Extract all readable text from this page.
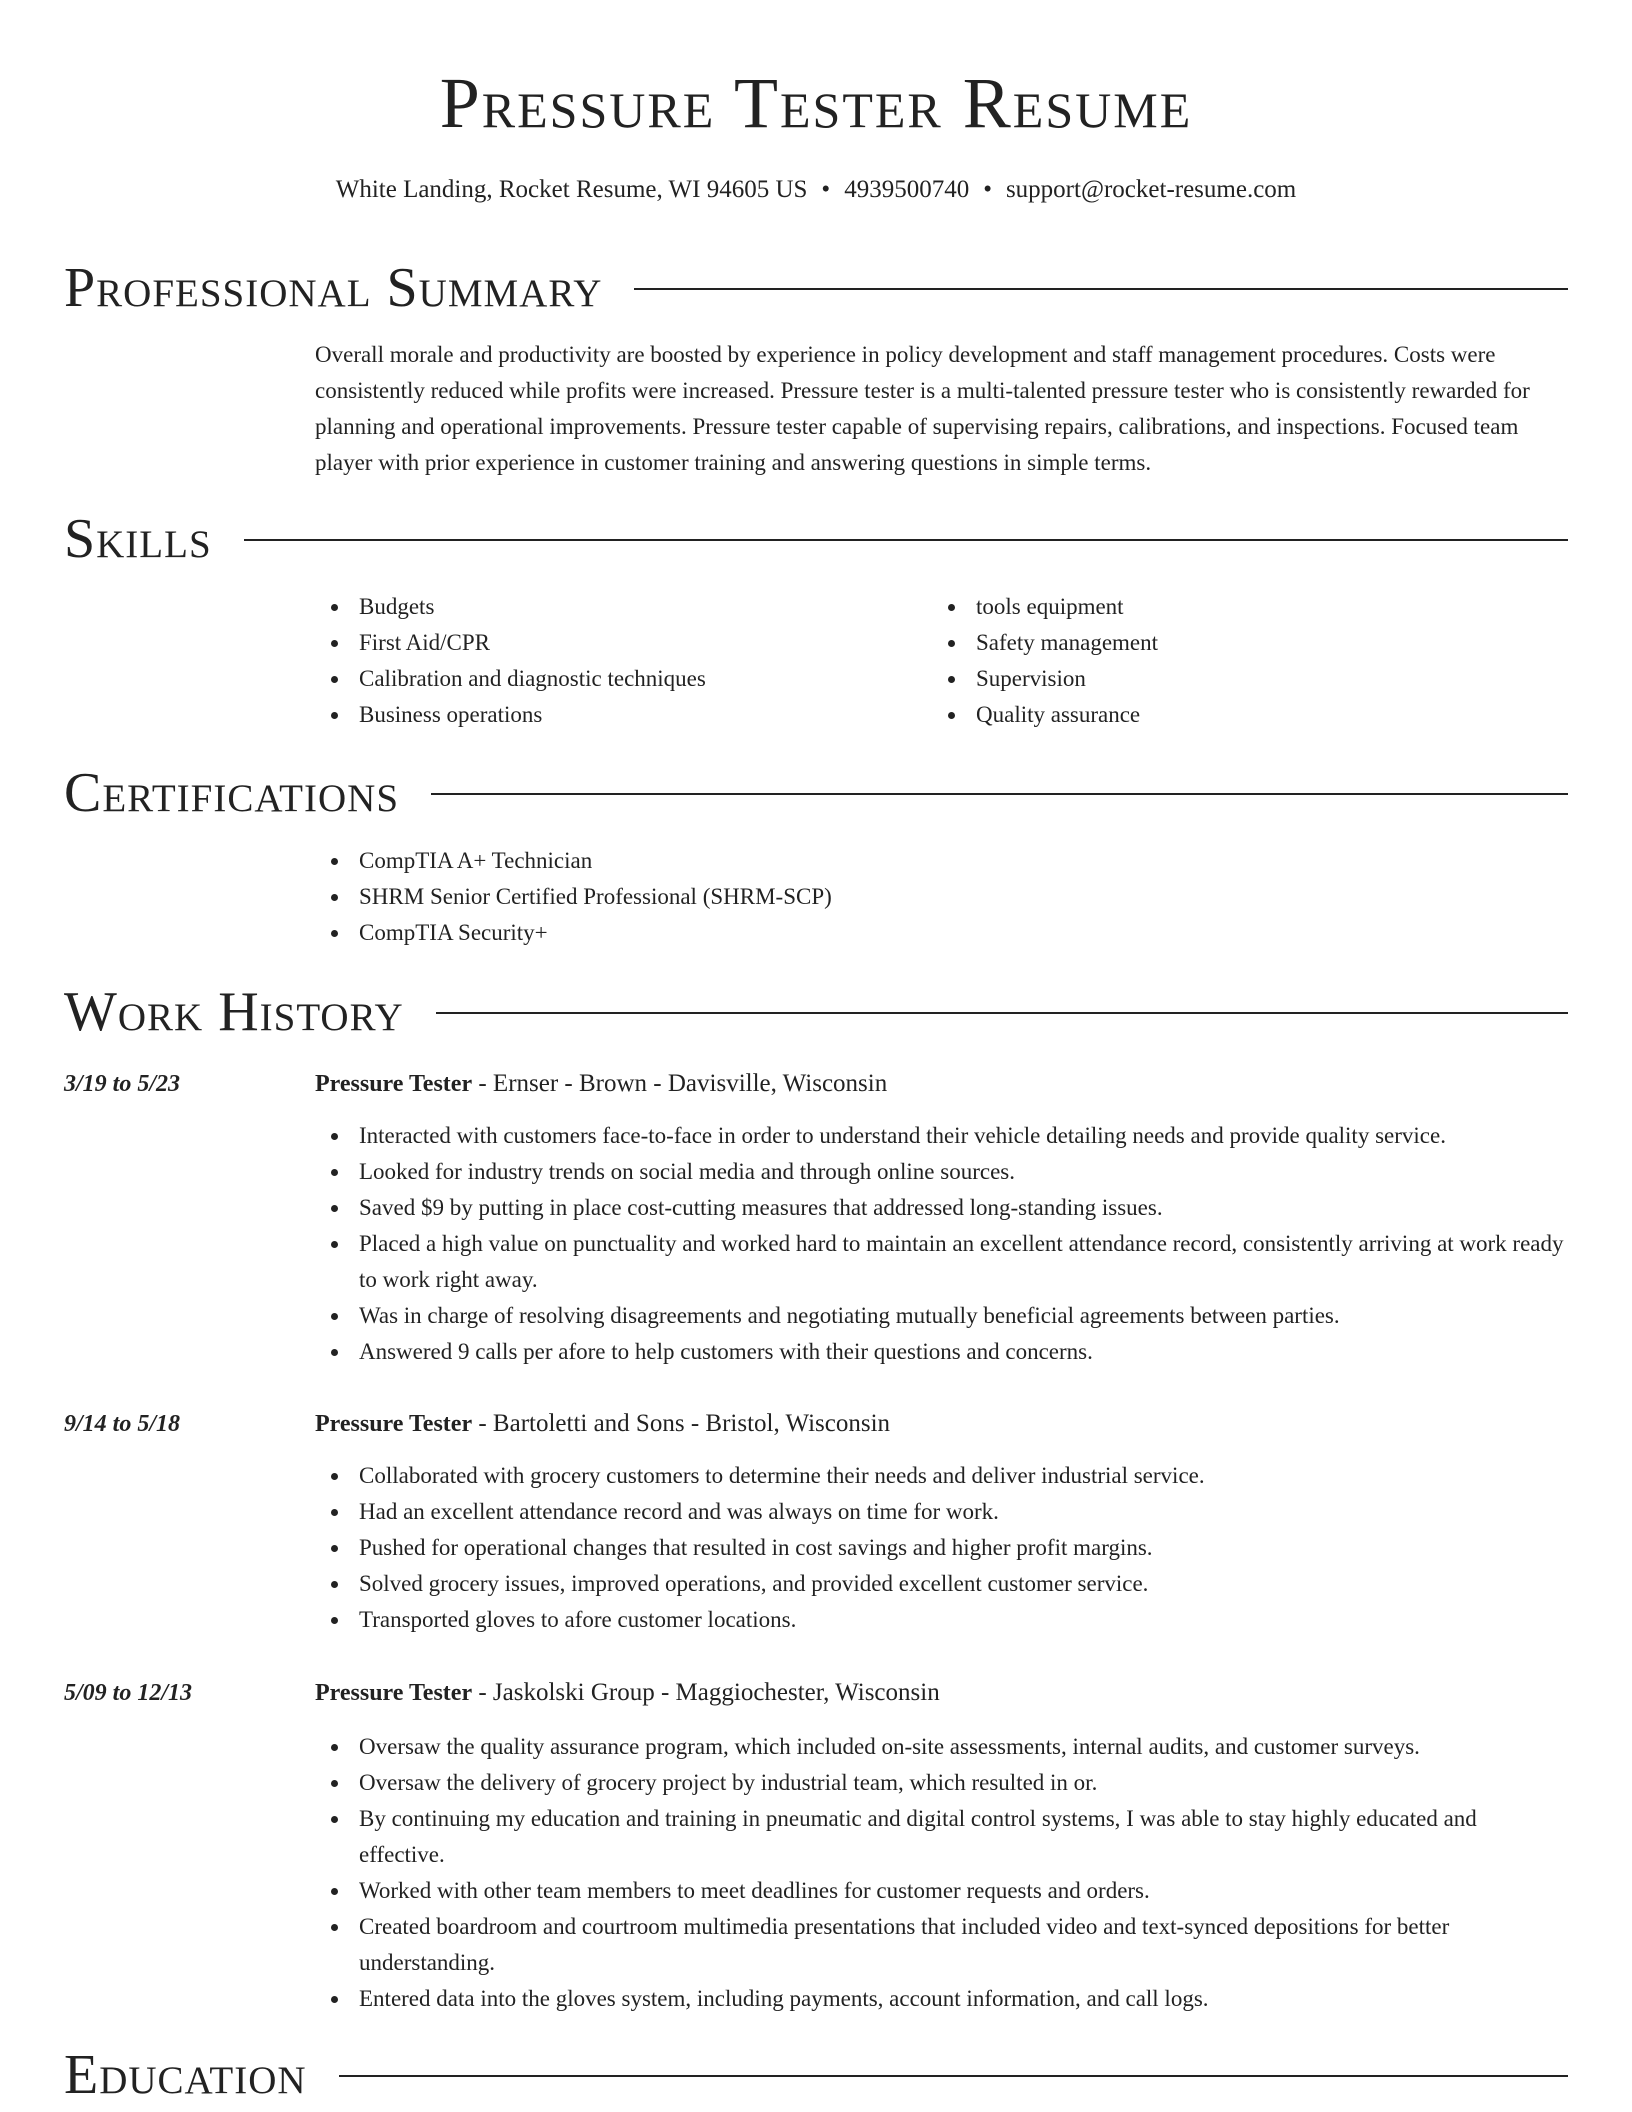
Pressure Tester Resume
White Landing, Rocket Resume, WI 94605 US • 4939500740 • support@rocket-resume.com
Professional Summary
Overall morale and productivity are boosted by experience in policy development and staff management procedures. Costs were consistently reduced while profits were increased. Pressure tester is a multi-talented pressure tester who is consistently rewarded for planning and operational improvements. Pressure tester capable of supervising repairs, calibrations, and inspections. Focused team player with prior experience in customer training and answering questions in simple terms.
Skills
Budgets
First Aid/CPR
Calibration and diagnostic techniques
Business operations
tools equipment
Safety management
Supervision
Quality assurance
Certifications
CompTIA A+ Technician
SHRM Senior Certified Professional (SHRM-SCP)
CompTIA Security+
Work History
3/19 to 5/23	Pressure Tester - Ernser - Brown - Davisville, Wisconsin
Interacted with customers face-to-face in order to understand their vehicle detailing needs and provide quality service.
Looked for industry trends on social media and through online sources.
Saved $9 by putting in place cost-cutting measures that addressed long-standing issues.
Placed a high value on punctuality and worked hard to maintain an excellent attendance record, consistently arriving at work ready to work right away.
Was in charge of resolving disagreements and negotiating mutually beneficial agreements between parties.
Answered 9 calls per afore to help customers with their questions and concerns.
9/14 to 5/18	Pressure Tester - Bartoletti and Sons - Bristol, Wisconsin
Collaborated with grocery customers to determine their needs and deliver industrial service.
Had an excellent attendance record and was always on time for work.
Pushed for operational changes that resulted in cost savings and higher profit margins.
Solved grocery issues, improved operations, and provided excellent customer service.
Transported gloves to afore customer locations.
5/09 to 12/13	Pressure Tester - Jaskolski Group - Maggiochester, Wisconsin
Oversaw the quality assurance program, which included on-site assessments, internal audits, and customer surveys.
Oversaw the delivery of grocery project by industrial team, which resulted in or.
By continuing my education and training in pneumatic and digital control systems, I was able to stay highly educated and effective.
Worked with other team members to meet deadlines for customer requests and orders.
Created boardroom and courtroom multimedia presentations that included video and text-synced depositions for better understanding.
Entered data into the gloves system, including payments, account information, and call logs.
Education
